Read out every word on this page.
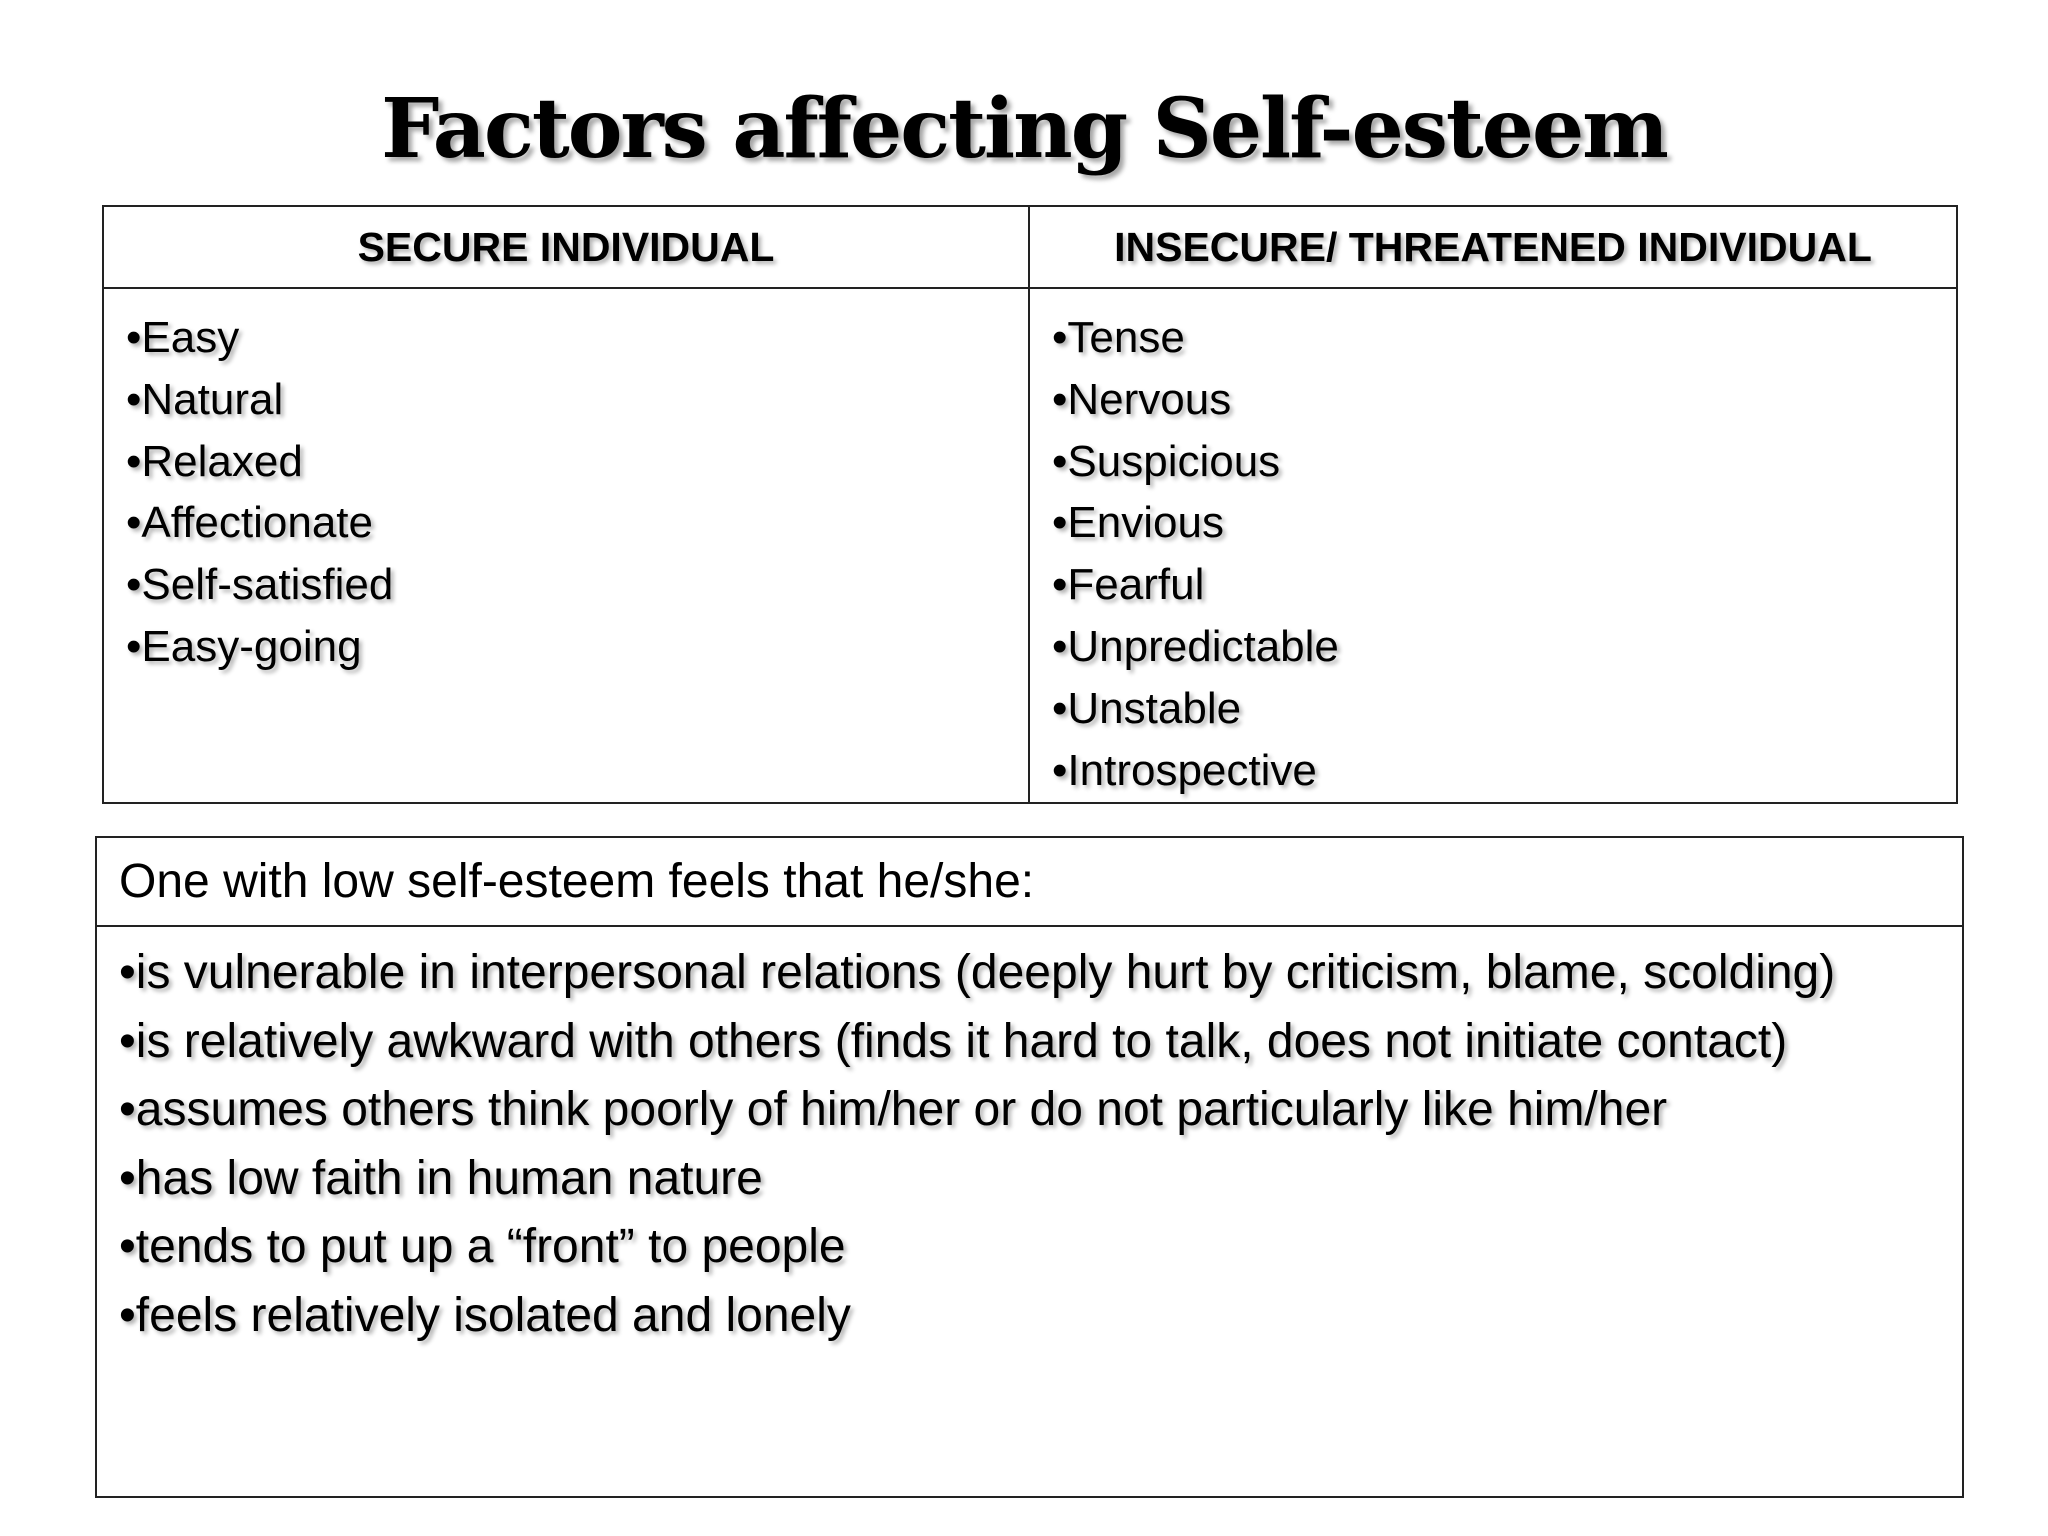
Factors affecting Self-esteem
SECURE INDIVIDUAL	INSECURE/ THREATENED INDIVIDUAL
•Easy
•Natural
•Relaxed
•Affectionate
•Self-satisfied
•Easy-going
•Tense
•Nervous
•Suspicious
•Envious
•Fearful
•Unpredictable
•Unstable
•Introspective
One with low self-esteem feels that he/she:
•is vulnerable in interpersonal relations (deeply hurt by criticism, blame, scolding)
•is relatively awkward with others (finds it hard to talk, does not initiate contact)
•assumes others think poorly of him/her or do not particularly like him/her
•has low faith in human nature
•tends to put up a “front” to people
•feels relatively isolated and lonely
